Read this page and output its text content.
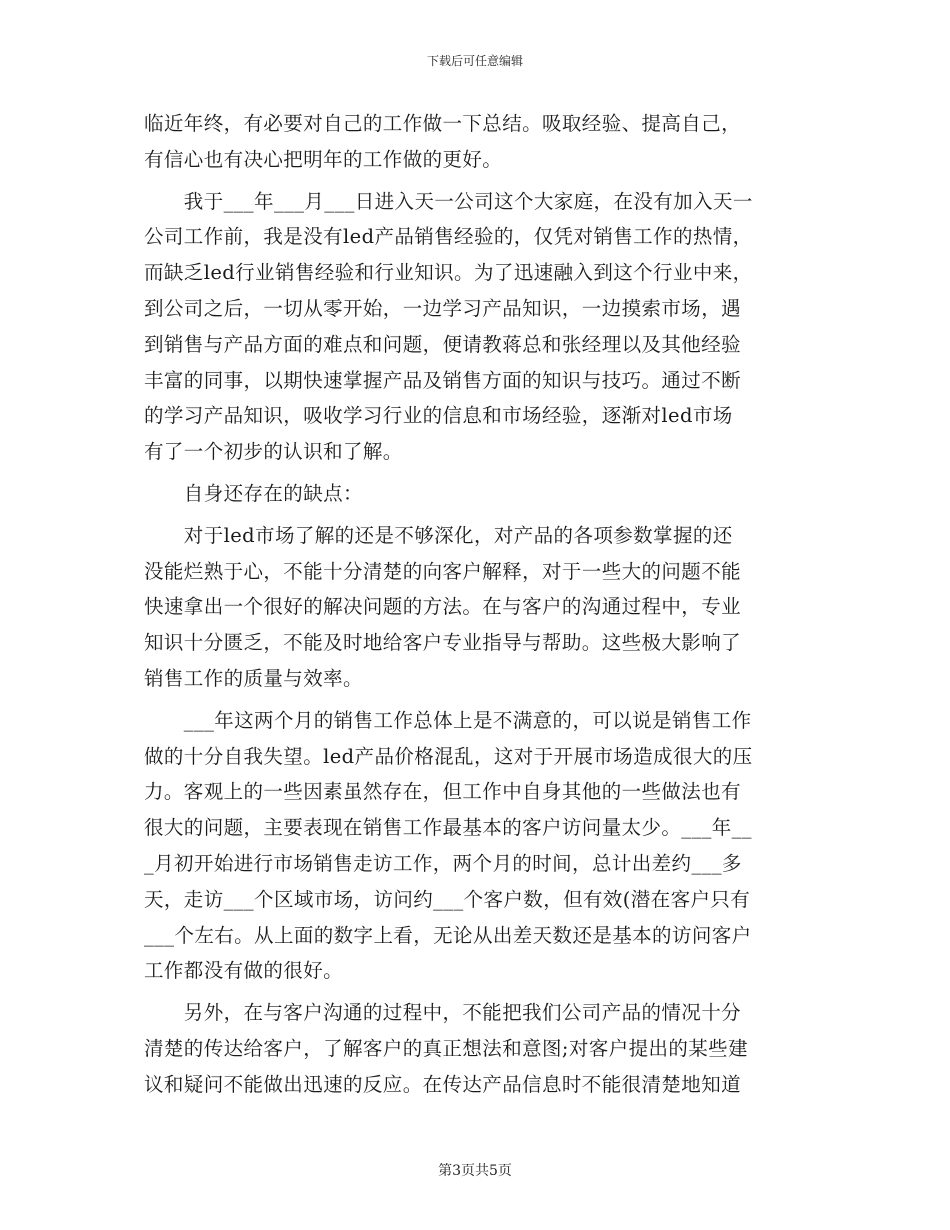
下载后可任意编辑
临近年终，有必要对自己的工作做一下总结。吸取经验、提高自己，
有信心也有决心把明年的工作做的更好。
　　我于___年___月___日进入天一公司这个大家庭，在没有加入天一
公司工作前，我是没有led产品销售经验的，仅凭对销售工作的热情，
而缺乏led行业销售经验和行业知识。为了迅速融入到这个行业中来，
到公司之后，一切从零开始，一边学习产品知识，一边摸索市场，遇
到销售与产品方面的难点和问题，便请教蒋总和张经理以及其他经验
丰富的同事，以期快速掌握产品及销售方面的知识与技巧。通过不断
的学习产品知识，吸收学习行业的信息和市场经验，逐渐对led市场
有了一个初步的认识和了解。
　　自身还存在的缺点：
　　对于led市场了解的还是不够深化，对产品的各项参数掌握的还
没能烂熟于心，不能十分清楚的向客户解释，对于一些大的问题不能
快速拿出一个很好的解决问题的方法。在与客户的沟通过程中，专业
知识十分匮乏，不能及时地给客户专业指导与帮助。这些极大影响了
销售工作的质量与效率。
　　___年这两个月的销售工作总体上是不满意的，可以说是销售工作
做的十分自我失望。led产品价格混乱，这对于开展市场造成很大的压
力。客观上的一些因素虽然存在，但工作中自身其他的一些做法也有
很大的问题，主要表现在销售工作最基本的客户访问量太少。___年__
_月初开始进行市场销售走访工作，两个月的时间，总计出差约___多
天，走访___个区域市场，访问约___个客户数，但有效(潜在客户只有
___个左右。从上面的数字上看，无论从出差天数还是基本的访问客户
工作都没有做的很好。
　　另外，在与客户沟通的过程中，不能把我们公司产品的情况十分
清楚的传达给客户，了解客户的真正想法和意图;对客户提出的某些建
议和疑问不能做出迅速的反应。在传达产品信息时不能很清楚地知道
第3页共5页
